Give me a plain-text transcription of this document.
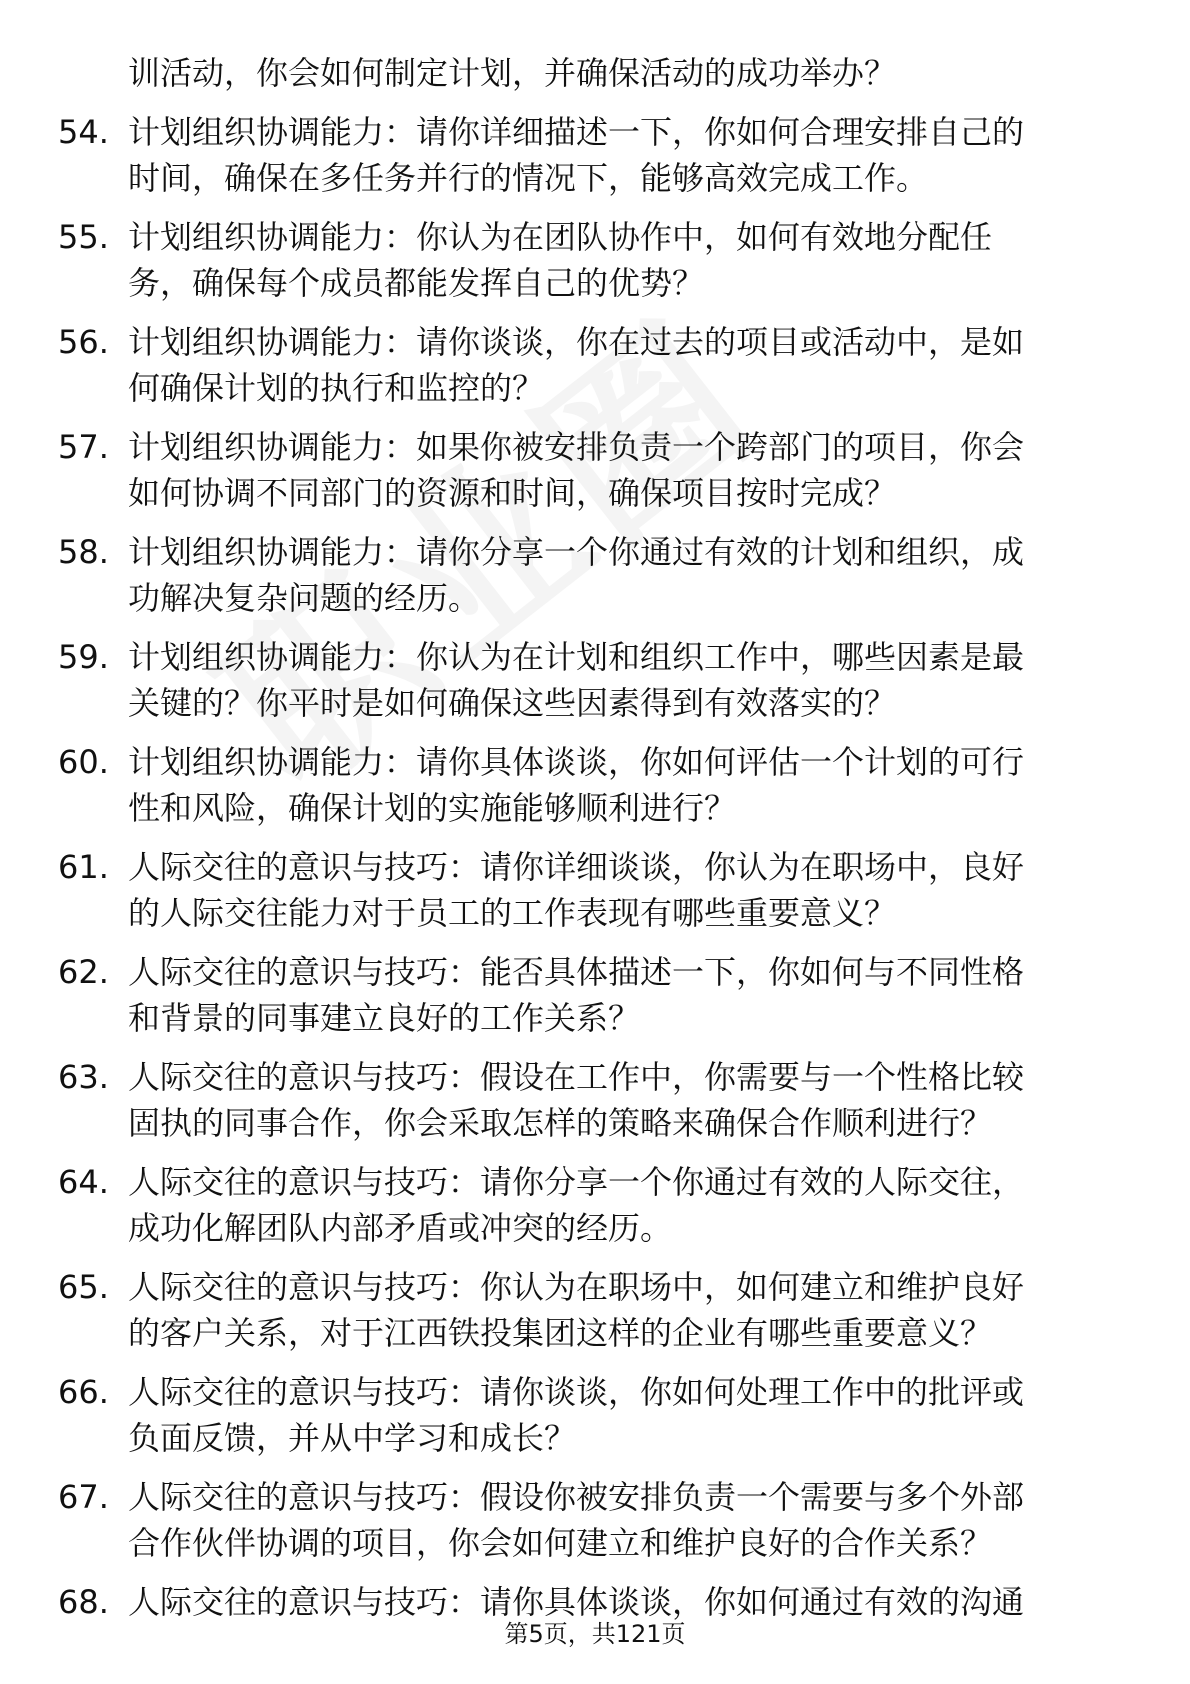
训活动，你会如何制定计划，并确保活动的成功举办？
54. 计划组织协调能力：请你详细描述一下，你如何合理安排自己的
时间，确保在多任务并行的情况下，能够高效完成工作。
55. 计划组织协调能力：你认为在团队协作中，如何有效地分配任
务，确保每个成员都能发挥自己的优势？
56. 计划组织协调能力：请你谈谈，你在过去的项目或活动中，是如
何确保计划的执行和监控的？
57. 计划组织协调能力：如果你被安排负责一个跨部门的项目，你会
如何协调不同部门的资源和时间，确保项目按时完成？
58. 计划组织协调能力：请你分享一个你通过有效的计划和组织，成
功解决复杂问题的经历。
59. 计划组织协调能力：你认为在计划和组织工作中，哪些因素是最
关键的？你平时是如何确保这些因素得到有效落实的？
60. 计划组织协调能力：请你具体谈谈，你如何评估一个计划的可行
性和风险，确保计划的实施能够顺利进行？
61. 人际交往的意识与技巧：请你详细谈谈，你认为在职场中，良好
的人际交往能力对于员工的工作表现有哪些重要意义？
62. 人际交往的意识与技巧：能否具体描述一下，你如何与不同性格
和背景的同事建立良好的工作关系？
63. 人际交往的意识与技巧：假设在工作中，你需要与一个性格比较
固执的同事合作，你会采取怎样的策略来确保合作顺利进行？
64. 人际交往的意识与技巧：请你分享一个你通过有效的人际交往，
成功化解团队内部矛盾或冲突的经历。
65. 人际交往的意识与技巧：你认为在职场中，如何建立和维护良好
的客户关系，对于江西铁投集团这样的企业有哪些重要意义？
66. 人际交往的意识与技巧：请你谈谈，你如何处理工作中的批评或
负面反馈，并从中学习和成长？
67. 人际交往的意识与技巧：假设你被安排负责一个需要与多个外部
合作伙伴协调的项目，你会如何建立和维护良好的合作关系？
68. 人际交往的意识与技巧：请你具体谈谈，你如何通过有效的沟通
第5页，共121页
